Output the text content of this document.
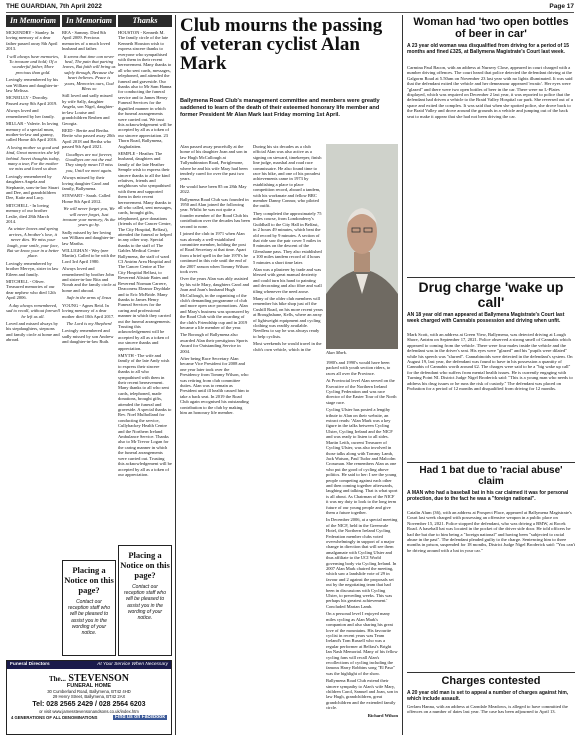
THE GUARDIAN, 7th April 2022	Page 17
In Memoriam	In Memoriam	Thanks

MCKENDRY - Stanley. In loving memory of a dear father passed away 8th April 2013.

I will always have memories, To treasure and hold; Of a wonderful father, More precious than gold.

Lovingly remembered by his son William and daughter-in-law Melissa.

MCNEILLY - Dorothy. Passed away 8th April 2019.

Always loved and remembered by her family.

MILLAR - Valerie. In loving memory of a special mum, mother-in-law and granny, called Home 4th April 2016.

A loving mother so good and kind, Great memories she left behind. Sweet thoughts today, many a tear, For the mother we miss and loved so dear.

Lovingly remembered by daughters Angela and Stephanie, sons-in-law Stuart and Dee, and grandchildren Dee, Katie and Lucy.

MITCHELL - In loving memory of our brother Leslie, died 28th March 2014.

As winter leaves and spring arrives, A brother's love, it never dies. We miss your laugh, your smile, your face, But we know your in a better place.

Lovingly remembered by brother Mervyn, sister in law Eileen and family.

MITCHELL - Oliver. Treasured memories of our dear nephew who died 12th April 2006.

A day always remembered, sad to recall, without farewell he left us all.

Loved and missed always by his stepdaughters, stepsons and family circle at home and abroad.

REA - Sammy. Died 8th April 2009. Precious memories of a much loved husband and father.

It seems that time can never heal, The pain that parting leaves, But faith will bring us safely through, Because the heart believes. Peace is yours, Memories ours, God Bless xo

Still loved and sadly missed by wife Sally, daughter Angela, son Nigel, daughter-in-law Louise and grandchildren Reuben and Georgia.

REID - Bertie and Bertha. Bertie who passed away 20th April 2018 and Bertha who passed 9th April 2021.

Goodbyes are not forever, Goodbyes are not the end. They simply mean I'll miss you, Until we meet again.

Always missed by their loving daughter Carol and family, Ballymena.

STEWART - Sarah. Called Home 8th April 2012.

We will never forget you, We will never forget, Just treasure your memory, As the years go by.

Sadly missed by her loving son William and daughter-in-law Martha.

WILLIGHAN - Wey (nee Martin). Called to be with the Lord 3rd April 1980.

Always loved and remembered by brother John and sister-in-law Rita and Norah and the family circle at home and abroad.

Safe in the arms of Jesus

YOUNG - Agnes Reid. In loving memory of a dear mother died 10th April 2017.

The Lord is my Shepherd

Lovingly remembered and sadly missed by son Andrew and daughter-in-law Ruth.

HOUSTON - Kenneth M. The family circle of the late Kenneth Houston wish to express sincere thanks to everyone who sympathised with them in their recent bereavement. Many thanks to all who sent cards, messages, telephoned, and attended the funeral and graveside. Our thanks also to Mr Sam Hanna for conducting the funeral service and to James Henry Funeral Services for the dignified manner in which the funeral arrangements were carried out. We trust this acknowledgement will be accepted by all as a token of our sincere appreciation. 23 Thorn Road, Ballymena, Aughafatten.

SEMPLE - Heather. The husband, daughters and family of the late Heather Semple wish to express their sincere thanks to all the kind relatives, friends and neighbours who sympathised with them and supported them in their recent bereavement. Many thanks to all who called, sent messages, cards, brought gifts, telephoned, gave donations (friends of the Cancer Centre, The City Hospital, Belfast), attended the funeral or helped in any other way. Special thanks to the staff of The Gables Medical Centre Ballymena, the staff of ward C3 Antrim Area Hospital and The Cancer Centre at The City Hospital Belfast, to Reverend Alistair Bates and Reverend Norman Carrere, Deaconess Eleanor Dryddale and to Eric McBride. Many thanks to James Henry Funeral Services for the caring and professional manner in which they carried out the funeral arrangements. Trusting this acknowledgement will be accepted by all as a token of our sincere thanks and appreciation.

SMYTH - The wife and family of the late Andy wish to express their sincere thanks to all who sympathised with them in their recent bereavement. Many thanks to all who sent cards, telephoned, made donations, brought gifts, attended the funeral and graveside. A special thanks to Rev. Noel Mulholland for conducting the service, Cullybackey Health Centre and the Northern Ireland Ambulance Service. Thanks also to Mr Trevor Logan for the caring manner in which the funeral arrangements were carried out. Trusting this acknowledgement will be accepted by all as a token of our appreciation.

Placing a Notice on this page?

Contact our reception staff who will be pleased to assist you in the wording of your notice.

Placing a Notice on this page?

Contact our reception staff who will be pleased to assist you in the wording of your notice.

Funeral Directors	At Your Service When Necessary
The... STEVENSON
FUNERAL HOME
30 Cumberland Road, Ballymena, BT42 4HD
29 Henry Street, Ballymena, BT42 2AX
Tel: 028 2565 2429 / 028 2564 6203
or visit www.jamesstevensonandsons.co.uk/index.htm
4 GENERATIONS OF ALL DENOMINATIONS	Find us on Facebook
Club mourns the passing of veteran cyclist Alan Mark
Ballymena Road Club's management committee and members were greatly saddened to learn of the death of their esteemed honorary life member and former President Mr Alan Mark last Friday morning 1st April.

Alan passed away peacefully at the home of his daughter Joan and son in law Hugh McCullough at Tullynahinnion Road, Portglenone, where he and his wife Mary had been tenderly cared for over the past two years.

He would have been 85 on 28th May 2022.

Ballymena Road Club was founded in 1950 and Alan joined the following year. Whilst he was not quite a founder member of the Road Club his contribution over the decades has been second to none.

I joined the club in 1971 when Alan was already a well-established committee member, holding the post of Road Secretary at that time. Apart from a brief spell in the late 1970's he continued in this role until the end of the 2007 season when Tommy Wilson took over.

Over the years Alan was ably assisted by his wife Mary, daughters Carol and Joan and Joan's husband Hugh McCullough, in the organising of the club's demanding programme of club and more open race promotions. Alan and Mary's business was sponsored by the Road Club with the awarding of the club's Friendship cup and in 2019 became a life member of the year.

The Borough of Ballymena also awarded Alan their prestigious Sports Award for Outstanding Service in 2004.

After being Race Secretary Alan became Vice President for 2008 and one year later took over the Presidency from Tommy Wilson, who was retiring from club committee duties. Alan was to remain as President until ill health caused him to take a back seat. In 2019 the Road Club again recognised his outstanding contribution to the club by making him an honorary life member.

During his six decades as a club official Alan was also active as a signing on steward, timekeeper, finish line judge, marshal and road race commissaire. He also found time to race his bike, and one of his proudest achievements came in 1973 by establishing a place to place competition record, aboard a tandem, with his workmate and fellow BRC member Danny Connor, who piloted the outfit.

They completed the approximately 75 miles course, from Londonderry's Guildhall to the City Hall in Belfast, in 2 hours 49 minutes, which beat the old record by 9 minutes. A section of that ride saw the pair cover 5 miles in 8 minutes on the descent of the Glenshane pass. They also established a 100 miles tandem record of 4 hours 5 minutes a short time later.

Alan was a plasterer by trade and was blessed with great manual dexterity and could turn his hand to painting and decorating and also fibre and wall tiling whenever the need arose.

Many of the older club members will remember his bike shop just off the Cushill Road, on his more recent years at Broughshane, Kells, where an array of lightweight equipment and cycling clothing was readily available. Needless to say he was always ready to help cyclists.

Most weekends he would travel in the club's own vehicle, which in the

Alan Mark.

1980's and 1990's would have been packed with youth section riders, to races all over the Province.

At Provincial level Alan served on the Executive of the Northern Ireland Cycling Federation and was race director of the Easter Tour of the North stage race.

Cycling Ulster has posted a lengthy tribute to Alan on their website, an extract reads: 'Alan Mark was a key figure in the talks between Cycling Ulster, Cycling Ireland and the NICF and was ready to listen to all sides. Martin Leith, current Treasurer of Cycling Ulster, was also involved in those talks along with Tommy Lamb, Jack Watson, Paul Tudor and Malcolm Crossman. She remembers Alan as one who put the good of cycling above politics. He said to her: I see the young people competing against each other and then coming together afterwards, laughing and talking. That is what sport is all about. As Chairman of the NICF it was my duty to look to the long term future of our young people and give them a future together.

In December 2006, at a special meeting of the NICF, held in the Greenvale Hotel, the Northern Ireland Cycling Federation member clubs voted overwhelmingly in support of a major change in direction that will see them amalgamate with Cycling Ulster and thus affiliate to the UCI World governing body via Cycling Ireland. In 2007 Alan Mark chaired the meeting, which saw a landslide vote of 29 in favour and 2 against the proposals set out by the negotiating team that had been in discussions with Cycling Ulster, to preceding weeks. This was perhaps his greatest achievement.' Concluded Marian Lamb.

On a personal level I enjoyed many miles cycling as Alan Mark's companion and also sharing his great love of the mountains. His favourite cyclist in recent years was Team Ireland's Tom Russell who was a regular performer at Belfast's Bright Ian Nash Memorial. Many of his fellow cycling fans will recall Alan's recollections of cycling including the famous Harry Robbins song "El Paso" was the highlight of the show.

Ballymena Road Club extend their sincere sympathy to Alan's wife Mary, children Carol, Samuel and Joan, son in law Hugh, grandchildren, great grandchildren and the extended family circle.

Richard Wilson

Woman had 'two open bottles of beer in car'
A 23 year old woman was disqualified from driving for a period of 15 months and fined £325, at Ballymena Magistrate's Court last week.
Carmina Paul Bacon, with an address at Nursery Close, appeared in court charged with a number driving offences. The court heard that police detected the defendant driving at the Galgorm Road at 5.50am on November 23 last year with no lights illuminated. It was said that the defendant exited the vehicle and her demeanour appeared 'erratic'. Her eyes were "glazed" and there were two open bottles of beer in the car. There were no L-Plates displayed, which was required on December 2 last year, it was reported to police that the defendant had driven a vehicle to the Braid Valley Hospital car park. She reversed out of a space and exited the complex. It was said that when she spotted police, she drove back to the Braid Valley and drove around the grounds in a vehicle and jumping out of the back seat to make it appear that she had not been driving the car.
Drug charge 'wake up call'
AN 18 year old man appeared at Ballymena Magistrate's Court last week charged with Cannabis possession and driving when unfit.
Mark Scott, with an address at Green View, Ballymena, was detected driving at Lough Shore, Antrim on September 17, 2021. Police observed a strong smell of Cannabis which appeared to coming from the vehicle. There were four males inside the vehicle and the defendant was in the driver's seat. His eyes were "glazed" and his "pupils were dilated" while his speech was "slurred". Cannabinoids were detected in the defendant's system. On August 19, last year, the defendant was found to have in his possession a quantity of Cannabis of Cannabis worth around £2. The charges were said to be a "big wake up call" for the defendant who suffers from mental health issues. He is currently engaging with Turning Point NI. District Judge Nigel Broderick said: "This is a young man who needs to address his drug issues or he runs the risk of custody." The defendant was placed on Probation for a period of 12 months and disqualified from driving for 12 months.
Had 1 bat due to 'racial abuse' claim
A MAN who had a baseball bat in his car claimed it was for personal protection, due to the fact he was a "foreign national".
Catalin Alum (36), with an address at Prospect Place, appeared at Ballymena Magistrate's Court last week charged with possessing an offensive weapon in a public place on November 15, 2021. Police stopped the defendant, who was driving a BMW, at Rocek Road. A baseball bat was located in the pocket of the driver side door. He told officers he had the bat due to him being a "foreign national" and having been "subjected to racial abuse in the past". The defendant pleaded guilty to the charge. Sentencing him to three months in prison, suspended for 18 months, District Judge Nigel Broderick said: "You can't be driving around with a bat in your car."
Charges contested
A 20 year old man is set to appeal a number of charges against him, which include assault.
Gerlam Hanna, with an address at Carndale Meadows, is alleged to have committed the offences on a number of dates last year. The case has been adjourned to April 13.
